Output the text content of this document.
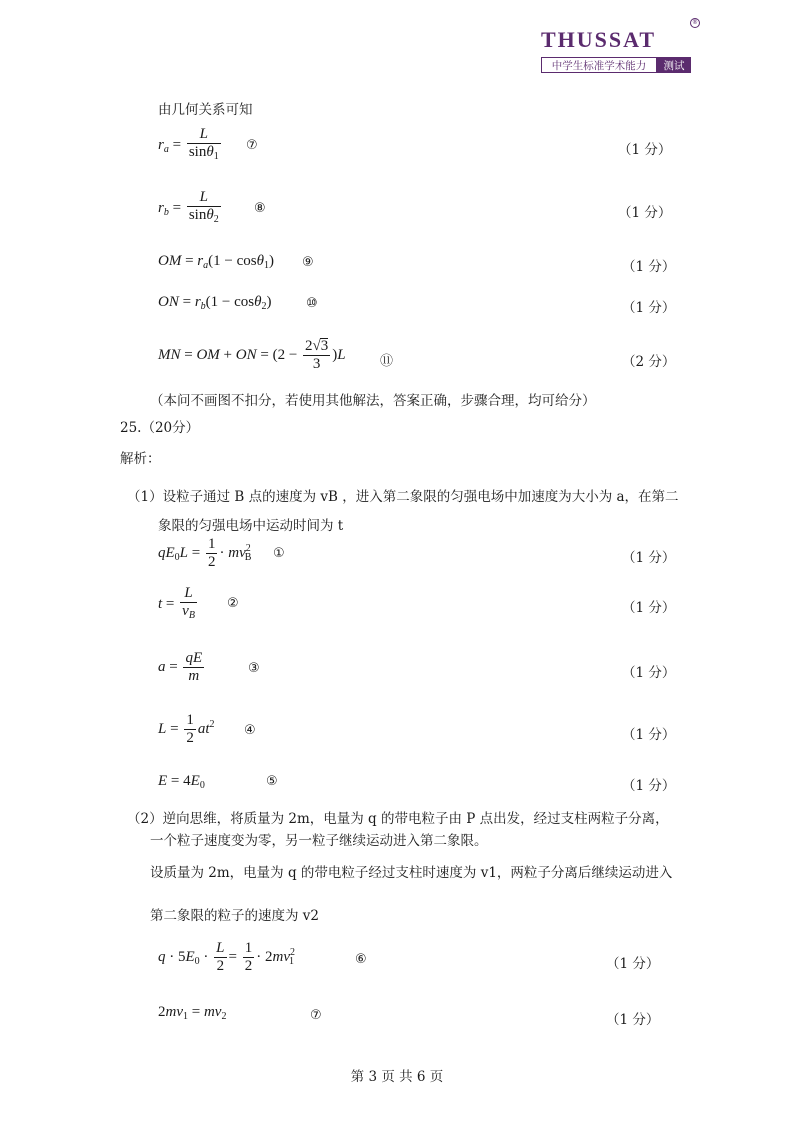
THUSSAT
®
中学生标准学术能力	测试
由几何关系可知
$r_a = \frac{L}{\sin\theta_1}$ ⑦	（1 分）
$r_b = \frac{L}{\sin\theta_2}$	⑧	（1 分）
OM = $r_a(1 - \cos\theta_1)$ ⑨	（1 分）
ON = $r_b(1 - \cos\theta_2)$	⑩	（1 分）
MN = OM + ON = $(2 - \frac{2√3}{3} )L$	⑪	（2 分）
（本问不画图不扣分，若使用其他解法，答案正确，步骤合理，均可给分）
25.（20分）
解析：
（1）设粒子通过 B 点的速度为 vB ，进入第二象限的匀强电场中加速度为大小为 a，在第二
象限的匀强电场中运动时间为 t
$qE_0L = \frac{1}{2} \cdot mv^2_B$ ①	（1 分）
$t = \frac{L}{v_B}$ ②	（1 分）
$a = \frac{qE}{m}$	③	（1 分）
$L = \frac{1}{2} at^2$ ④	（1 分）
$E = 4E_0$	⑤	（1 分）
（2）逆向思维，将质量为 2m，电量为 q 的带电粒子由 P 点出发，经过支柱两粒子分离，
一个粒子速度变为零，另一粒子继续运动进入第二象限。
设质量为 2m，电量为 q 的带电粒子经过支柱时速度为 v1，两粒子分离后继续运动进入
第二象限的粒子的速度为 v2
$q \cdot 5E_0 \cdot \frac{L}{2} = \frac{1}{2} \cdot 2mv^2_1$	⑥	（1 分）
$2mv_1 = mv_2$	⑦	（1 分）
第 3 页 共 6 页
